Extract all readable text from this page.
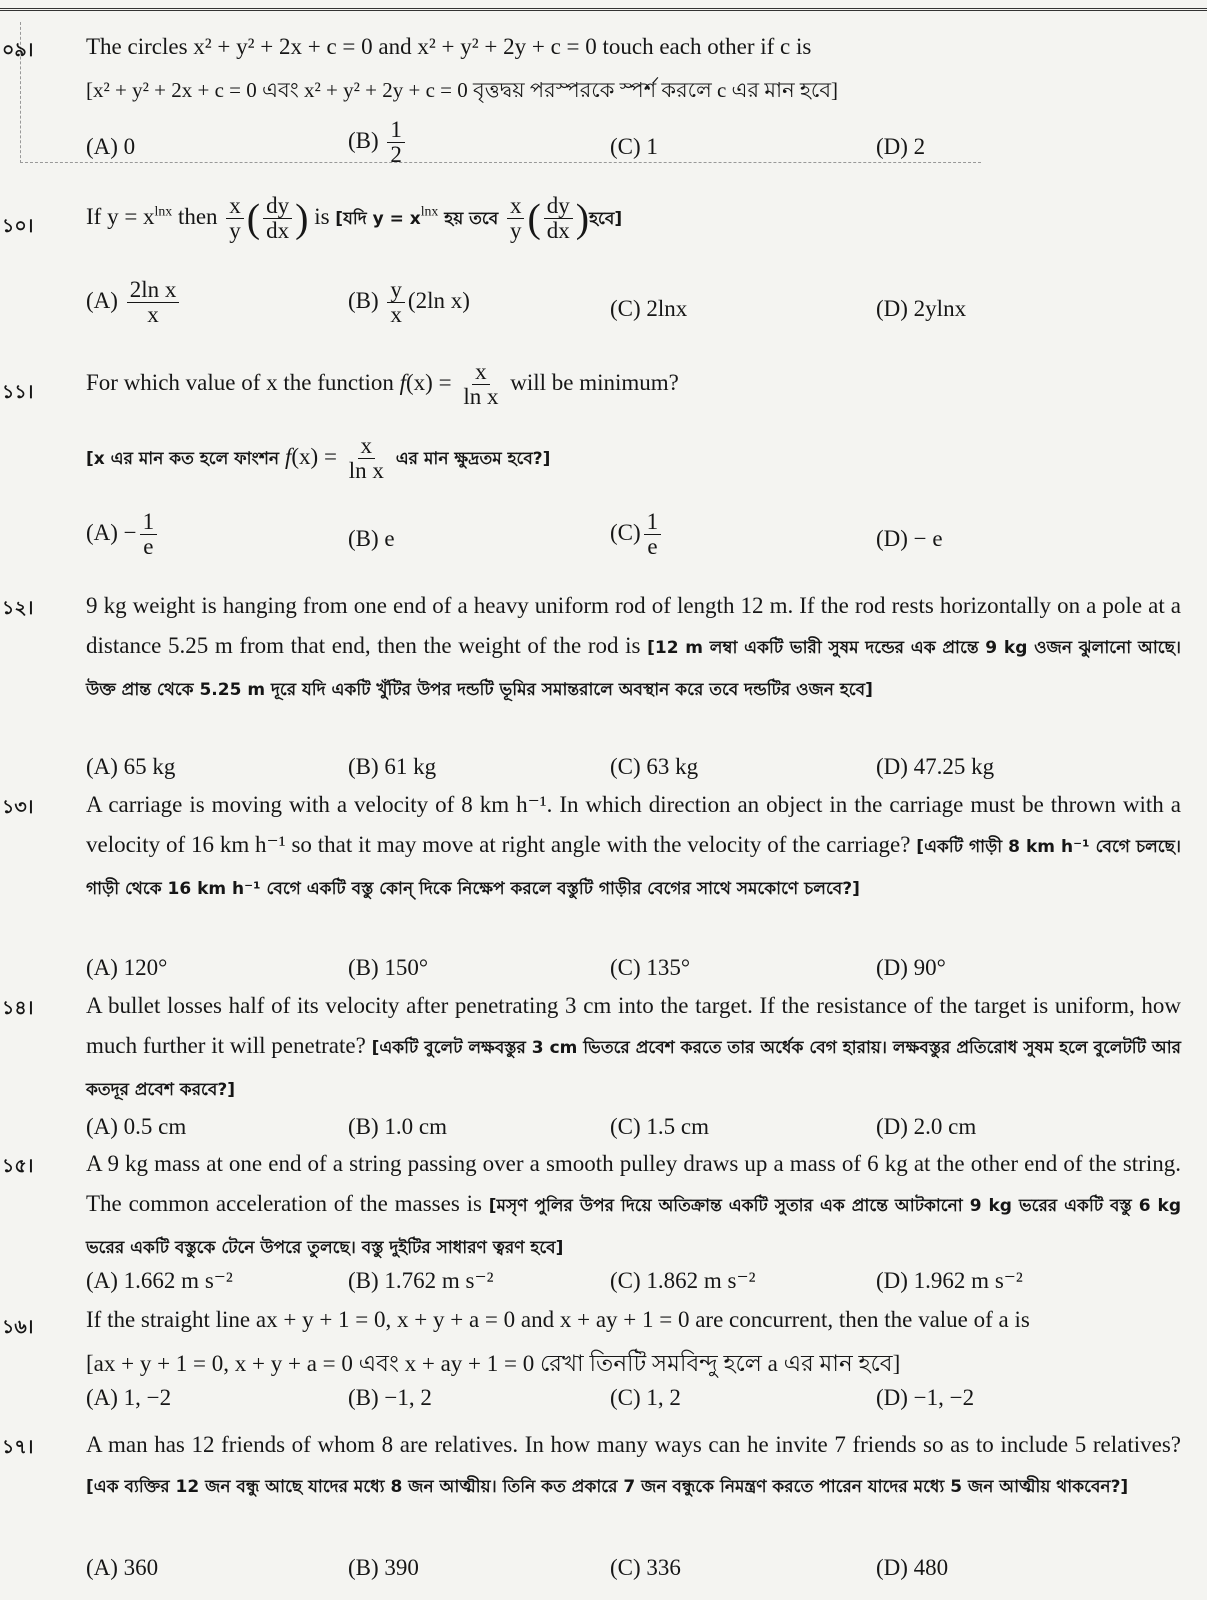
০৯। The circles x² + y² + 2x + c = 0 and x² + y² + 2y + c = 0 touch each other if c is
[x² + y² + 2x + c = 0 এবং x² + y² + 2y + c = 0 বৃত্তদ্বয় পরস্পরকে স্পর্শ করলে c এর মান হবে]
(A) 0	$(B) \frac{1}{2}$	(C) 1	(D) 2
১০। If $y = x^{lnx}$ then $\frac{x}{y}$ ( $\frac{dy}{dx}$ ) is [যদি $y = x^{lnx}$ হয় তবে $\frac{x}{y}$ ( $\frac{dy}{dx}$ )হবে]
$(A) \frac{\text{2ln x}}{x}$	$(B) \frac{y}{x} (2\ln$ x)	(C) 2lnx	(D) 2ylnx
১১। For which value of x the function $f(x) = \frac{x}{\text{ln x}}$ will be minimum?
[x এর মান কত হলে ফাংশন $f(x) = \frac{x}{\text{ln x}}$ এর মান ক্ষুদ্রতম হবে?]
$(A) - \frac{1}{e}$	(B) e	$(C) \frac{1}{e}$	(D) − e
১২। 9 kg weight is hanging from one end of a heavy uniform rod of length 12 m. If the rod rests horizontally on a pole at a distance 5.25 m from that end, then the weight of the rod is [12 m লম্বা একটি ভারী সুষম দন্ডের এক প্রান্তে 9 kg ওজন ঝুলানো আছে। উক্ত প্রান্ত থেকে 5.25 m দূরে যদি একটি খুঁটির উপর দন্ডটি ভূমির সমান্তরালে অবস্থান করে তবে দন্ডটির ওজন হবে]
(A) 65 kg	(B) 61 kg	(C) 63 kg	(D) 47.25 kg
১৩। A carriage is moving with a velocity of 8 km h⁻¹. In which direction an object in the carriage must be thrown with a velocity of 16 km h⁻¹ so that it may move at right angle with the velocity of the carriage? [একটি গাড়ী 8 km h⁻¹ বেগে চলছে। গাড়ী থেকে 16 km h⁻¹ বেগে একটি বস্তু কোন্ দিকে নিক্ষেপ করলে বস্তুটি গাড়ীর বেগের সাথে সমকোণে চলবে?]
(A) 120°	(B) 150°	(C) 135°	(D) 90°
১৪। A bullet losses half of its velocity after penetrating 3 cm into the target. If the resistance of the target is uniform, how much further it will penetrate? [একটি বুলেট লক্ষবস্তুর 3 cm ভিতরে প্রবেশ করতে তার অর্ধেক বেগ হারায়। লক্ষবস্তুর প্রতিরোধ সুষম হলে বুলেটটি আর কতদূর প্রবেশ করবে?]
(A) 0.5 cm	(B) 1.0 cm	(C) 1.5 cm	(D) 2.0 cm
১৫। A 9 kg mass at one end of a string passing over a smooth pulley draws up a mass of 6 kg at the other end of the string. The common acceleration of the masses is [মসৃণ পুলির উপর দিয়ে অতিক্রান্ত একটি সুতার এক প্রান্তে আটকানো 9 kg ভরের একটি বস্তু 6 kg ভরের একটি বস্তুকে টেনে উপরে তুলছে। বস্তু দুইটির সাধারণ ত্বরণ হবে]
(A) 1.662 m s⁻²	(B) 1.762 m s⁻²	(C) 1.862 m s⁻²	(D) 1.962 m s⁻²
১৬। If the straight line ax + y + 1 = 0, x + y + a = 0 and x + ay + 1 = 0 are concurrent, then the value of a is
[ax + y + 1 = 0, x + y + a = 0 এবং x + ay + 1 = 0 রেখা তিনটি সমবিন্দু হলে a এর মান হবে]
(A) 1, −2	(B) −1, 2	(C) 1, 2	(D) −1, −2
১৭। A man has 12 friends of whom 8 are relatives. In how many ways can he invite 7 friends so as to include 5 relatives? [এক ব্যক্তির 12 জন বন্ধু আছে যাদের মধ্যে 8 জন আত্মীয়। তিনি কত প্রকারে 7 জন বন্ধুকে নিমন্ত্রণ করতে পারেন যাদের মধ্যে 5 জন আত্মীয় থাকবেন?]
(A) 360	(B) 390	(C) 336	(D) 480
